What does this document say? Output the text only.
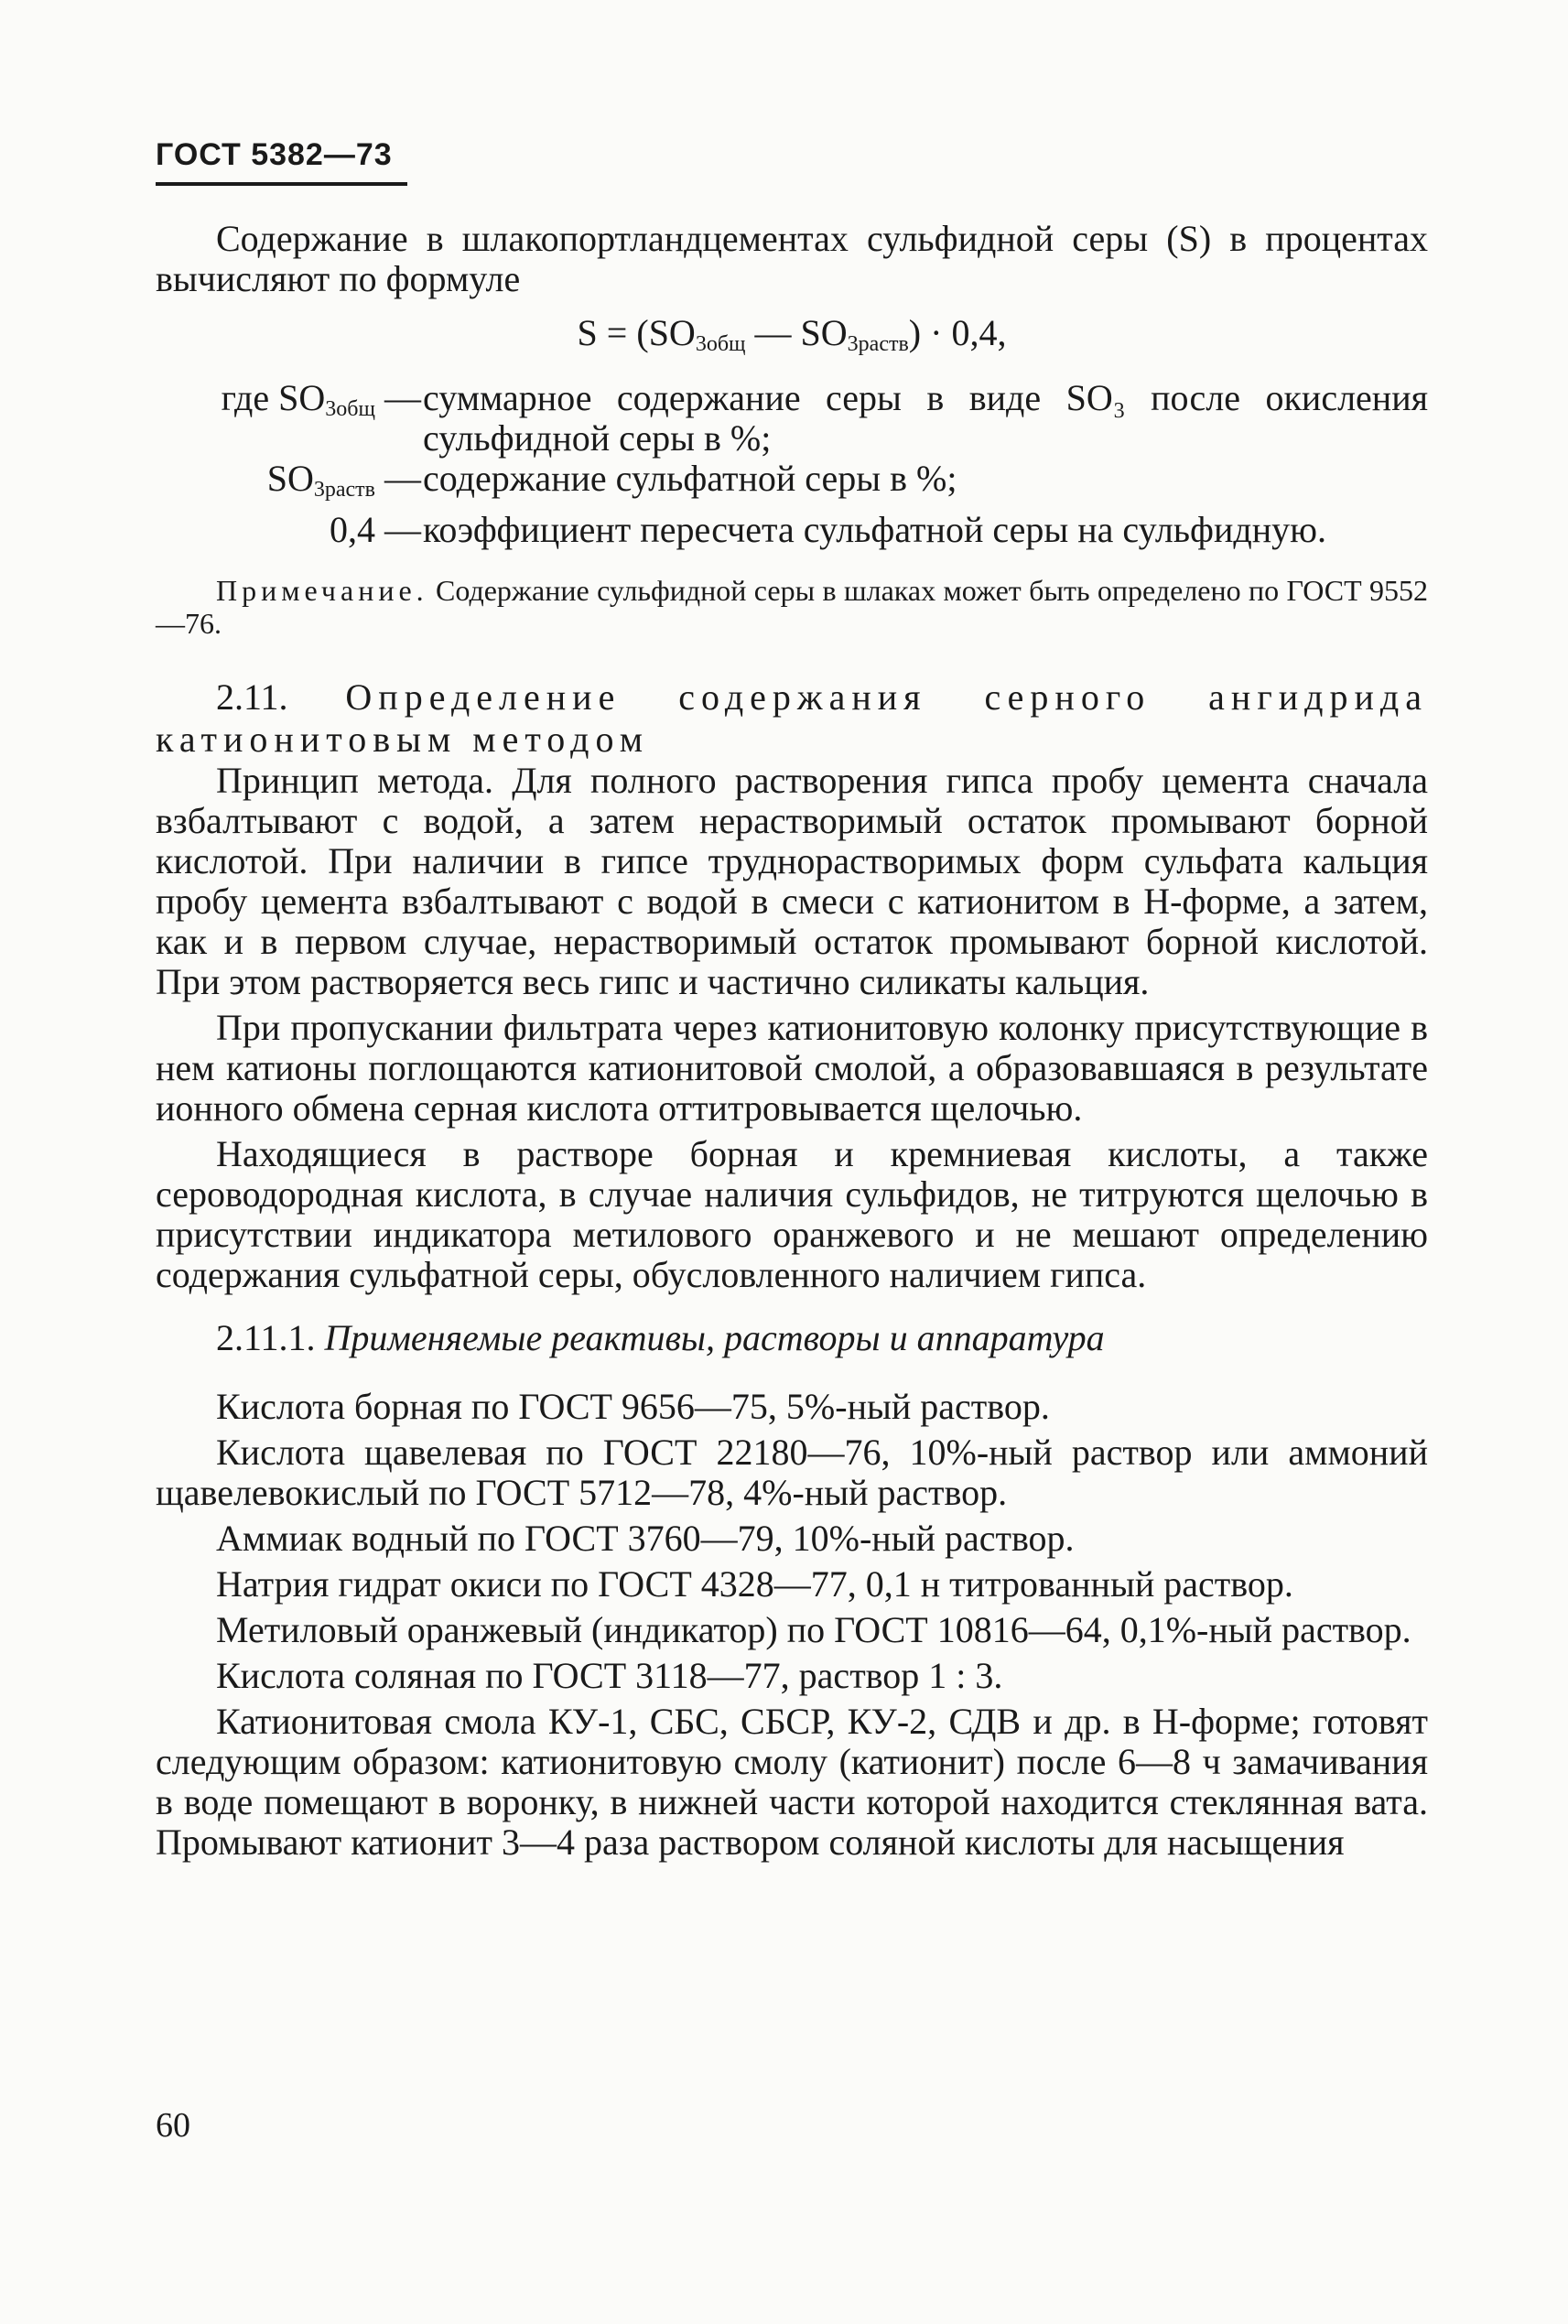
ГОСТ 5382—73

Содержание в шлакопортландцементах сульфидной серы (S) в процентах вычисляют по формуле

$S = (SO_{3общ}$ — $SO_{3раств}) \cdot 0,4$,
где $SO_{3общ}$ —	суммарное содержание серы в виде SO₃ после окисления сульфидной серы в %;
$SO_{3раств}$ —	содержание сульфатной серы в %;
0,4 —	коэффициент пересчета сульфатной серы на сульфидную.

Примечание. Содержание сульфидной серы в шлаках может быть определено по ГОСТ 9552—76.

2.11. Определение содержания серного ангидрида катионитовым методом

Принцип метода. Для полного растворения гипса пробу цемента сначала взбалтывают с водой, а затем нерастворимый остаток промывают борной кислотой. При наличии в гипсе труднорастворимых форм сульфата кальция пробу цемента взбалтывают с водой в смеси с катионитом в Н-форме, а затем, как и в первом случае, нерастворимый остаток промывают борной кислотой. При этом растворяется весь гипс и частично силикаты кальция.

При пропускании фильтрата через катионитовую колонку присутствующие в нем катионы поглощаются катионитовой смолой, а образовавшаяся в результате ионного обмена серная кислота оттитровывается щелочью.

Находящиеся в растворе борная и кремниевая кислоты, а также сероводородная кислота, в случае наличия сульфидов, не титруются щелочью в присутствии индикатора метилового оранжевого и не мешают определению содержания сульфатной серы, обусловленного наличием гипса.

2.11.1. Применяемые реактивы, растворы и аппаратура

Кислота борная по ГОСТ 9656—75, 5%-ный раствор.

Кислота щавелевая по ГОСТ 22180—76, 10%-ный раствор или аммоний щавелевокислый по ГОСТ 5712—78, 4%-ный раствор.

Аммиак водный по ГОСТ 3760—79, 10%-ный раствор.

Натрия гидрат окиси по ГОСТ 4328—77, 0,1 н титрованный раствор.

Метиловый оранжевый (индикатор) по ГОСТ 10816—64, 0,1%-ный раствор.

Кислота соляная по ГОСТ 3118—77, раствор 1 : 3.

Катионитовая смола КУ-1, СБС, СБСР, КУ-2, СДВ и др. в Н-форме; готовят следующим образом: катионитовую смолу (катионит) после 6—8 ч замачивания в воде помещают в воронку, в нижней части которой находится стеклянная вата. Промывают катионит 3—4 раза раствором соляной кислоты для насыщения

60
